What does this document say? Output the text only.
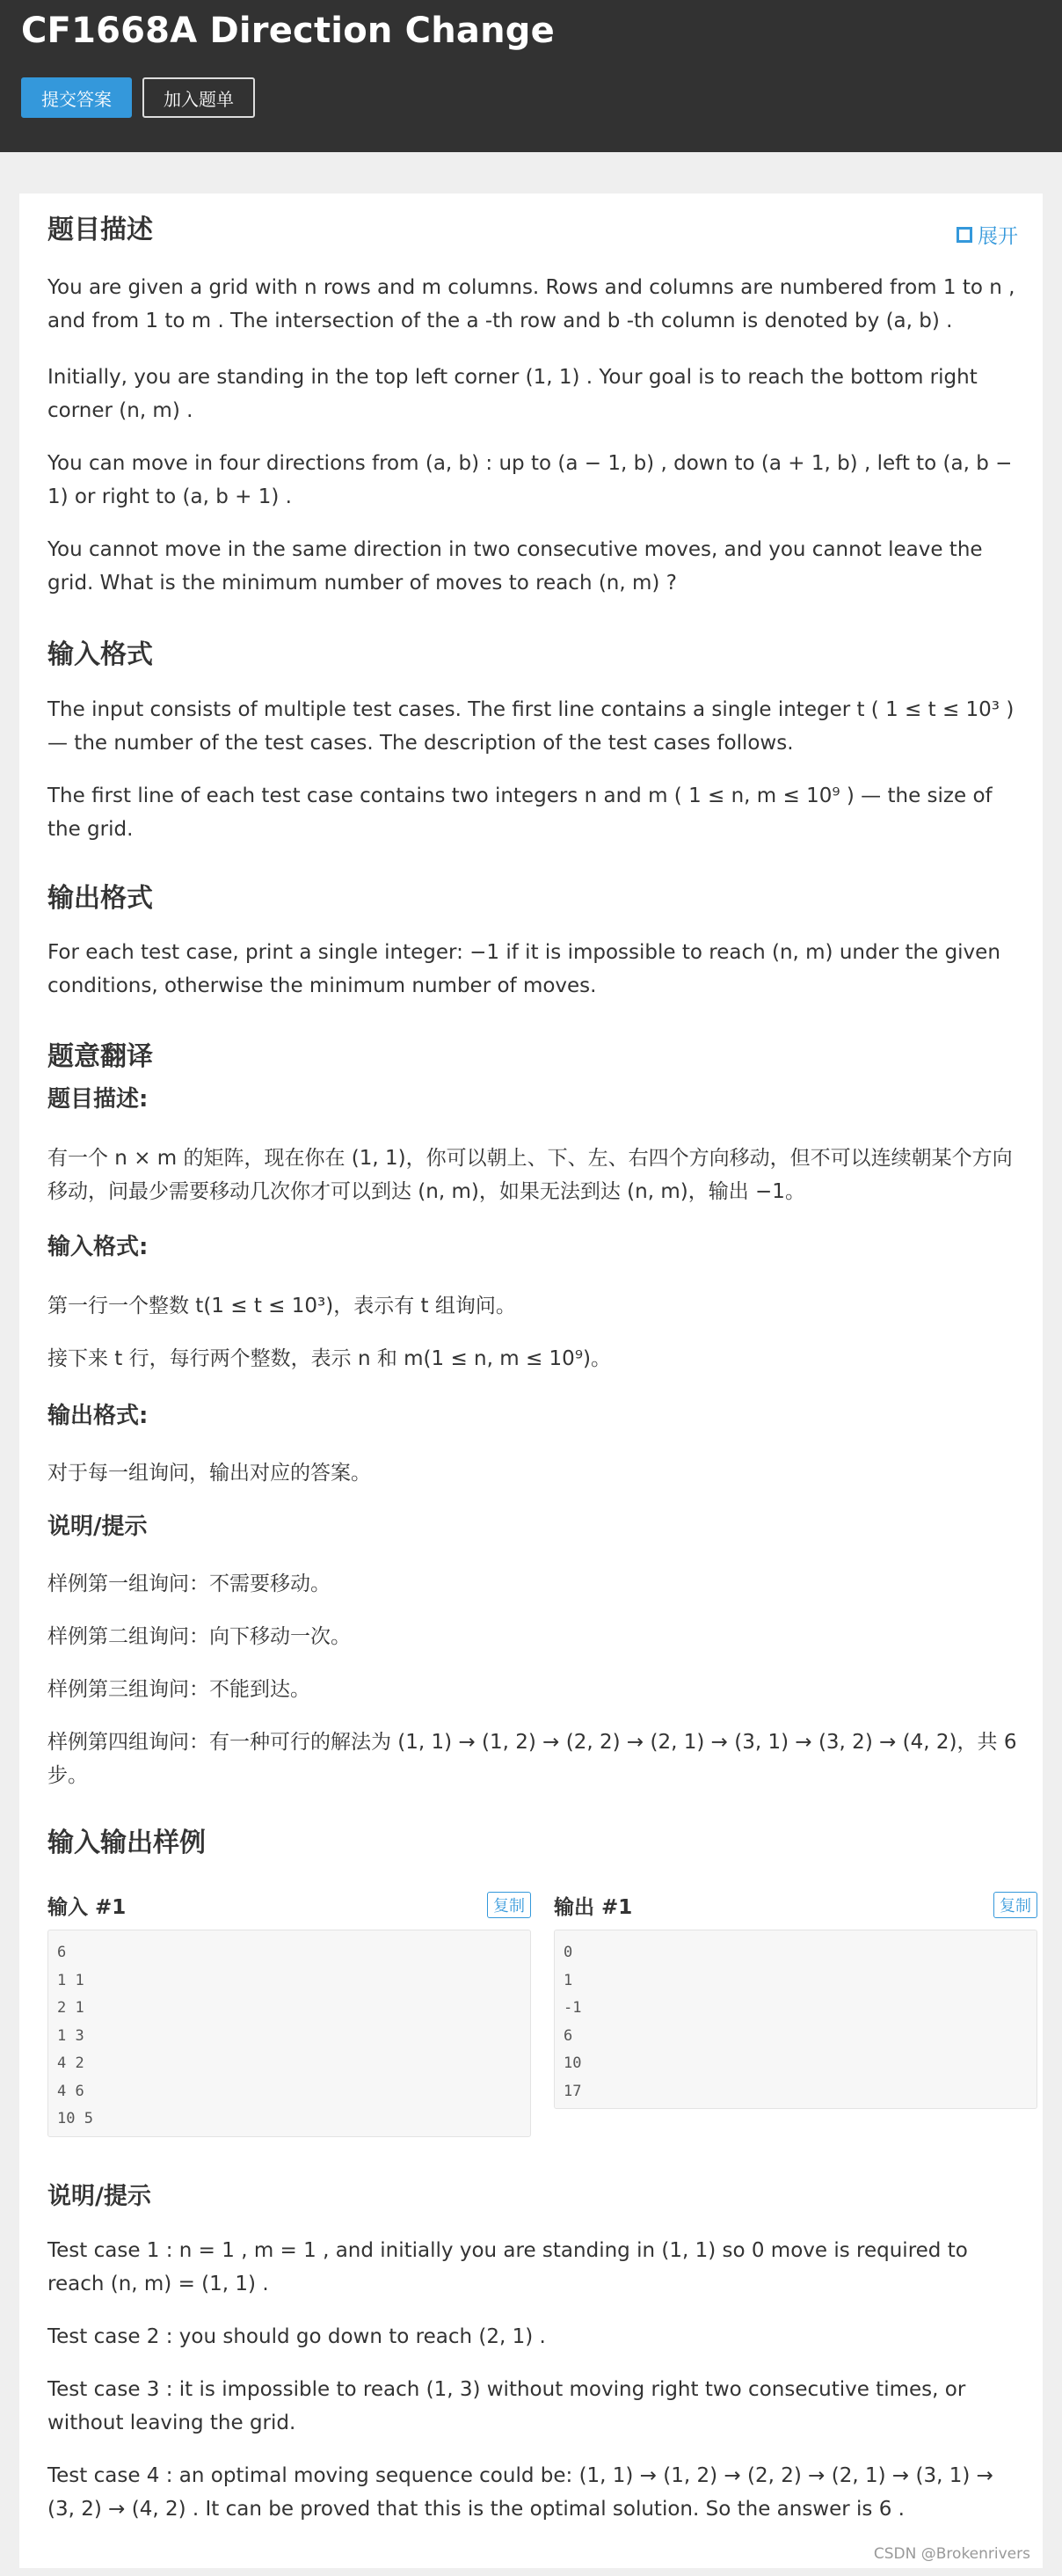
CF1668A Direction Change
提交答案	加入题单
展开
题目描述

You are given a grid with n rows and m columns. Rows and columns are numbered from 1 to n , and from 1 to m . The intersection of the a -th row and b -th column is denoted by (a, b) .

Initially, you are standing in the top left corner (1, 1) . Your goal is to reach the bottom right corner (n, m) .

You can move in four directions from (a, b) : up to (a − 1, b) , down to (a + 1, b) , left to (a, b − 1) or right to (a, b + 1) .

You cannot move in the same direction in two consecutive moves, and you cannot leave the grid. What is the minimum number of moves to reach (n, m) ?

输入格式

The input consists of multiple test cases. The first line contains a single integer t ( 1 ≤ t ≤ 10³ ) — the number of the test cases. The description of the test cases follows.

The first line of each test case contains two integers n and m ( 1 ≤ n, m ≤ 10⁹ ) — the size of the grid.

输出格式

For each test case, print a single integer: −1 if it is impossible to reach (n, m) under the given conditions, otherwise the minimum number of moves.

题意翻译
题目描述:

有一个 n × m 的矩阵，现在你在 (1, 1)，你可以朝上、下、左、右四个方向移动，但不可以连续朝某个方向移动，问最少需要移动几次你才可以到达 (n, m)，如果无法到达 (n, m)，输出 −1。

输入格式:

第一行一个整数 t(1 ≤ t ≤ 10³)，表示有 t 组询问。

接下来 t 行，每行两个整数，表示 n 和 m(1 ≤ n, m ≤ 10⁹)。

输出格式:

对于每一组询问，输出对应的答案。

说明/提示

样例第一组询问：不需要移动。

样例第二组询问：向下移动一次。

样例第三组询问：不能到达。

样例第四组询问：有一种可行的解法为 (1, 1) → (1, 2) → (2, 2) → (2, 1) → (3, 1) → (3, 2) → (4, 2)，共 6 步。

输入输出样例
输入 #1	复制
6
1 1
2 1
1 3
4 2
4 6
10 5
输出 #1	复制
0
1
-1
6
10
17
说明/提示

Test case 1 : n = 1 , m = 1 , and initially you are standing in (1, 1) so 0 move is required to reach (n, m) = (1, 1) .

Test case 2 : you should go down to reach (2, 1) .

Test case 3 : it is impossible to reach (1, 3) without moving right two consecutive times, or without leaving the grid.

Test case 4 : an optimal moving sequence could be: (1, 1) → (1, 2) → (2, 2) → (2, 1) → (3, 1) → (3, 2) → (4, 2) . It can be proved that this is the optimal solution. So the answer is 6 .

CSDN @Brokenrivers
